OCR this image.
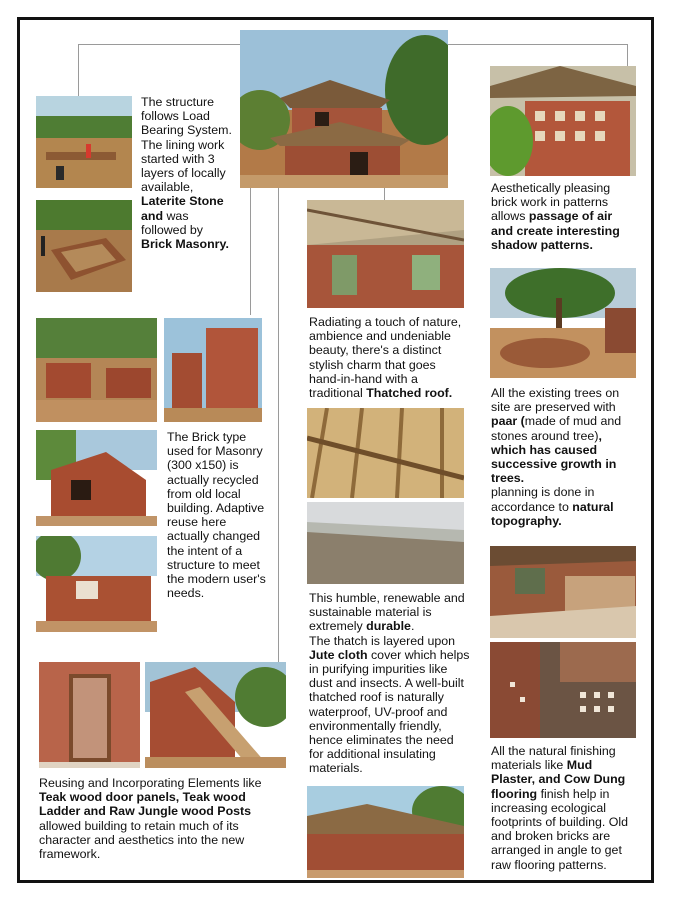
The structure follows Load Bearing System.
The lining work started with 3 layers of locally available,
Laterite Stone and was followed by
Brick Masonry.
The Brick type used for Masonry (300 x150) is actually recycled from old local building. Adaptive reuse here actually changed the intent of a structure to meet the modern user's needs.
Reusing and Incorporating Elements like Teak wood door panels, Teak wood Ladder and Raw Jungle wood Posts allowed building to retain much of its character and aesthetics into the new framework.
Radiating a touch of nature, ambience and undeniable beauty, there's a distinct stylish charm that goes hand-in-hand with a traditional Thatched roof.
This humble, renewable and sustainable material is extremely durable.
The thatch is layered upon Jute cloth cover which helps in purifying impurities like dust and insects. A well-built thatched roof is naturally waterproof, UV-proof and environmentally friendly, hence eliminates the need for additional insulating materials.
Aesthetically pleasing brick work in patterns allows passage of air and create interesting shadow patterns.
All the existing trees on site are preserved with paar (made of mud and stones around tree), which has caused successive growth in trees.
planning is done in accordance to natural topography.
All the natural finishing materials like Mud Plaster, and Cow Dung flooring finish help in increasing ecological footprints of building. Old and broken bricks are arranged in angle to get raw flooring patterns.
